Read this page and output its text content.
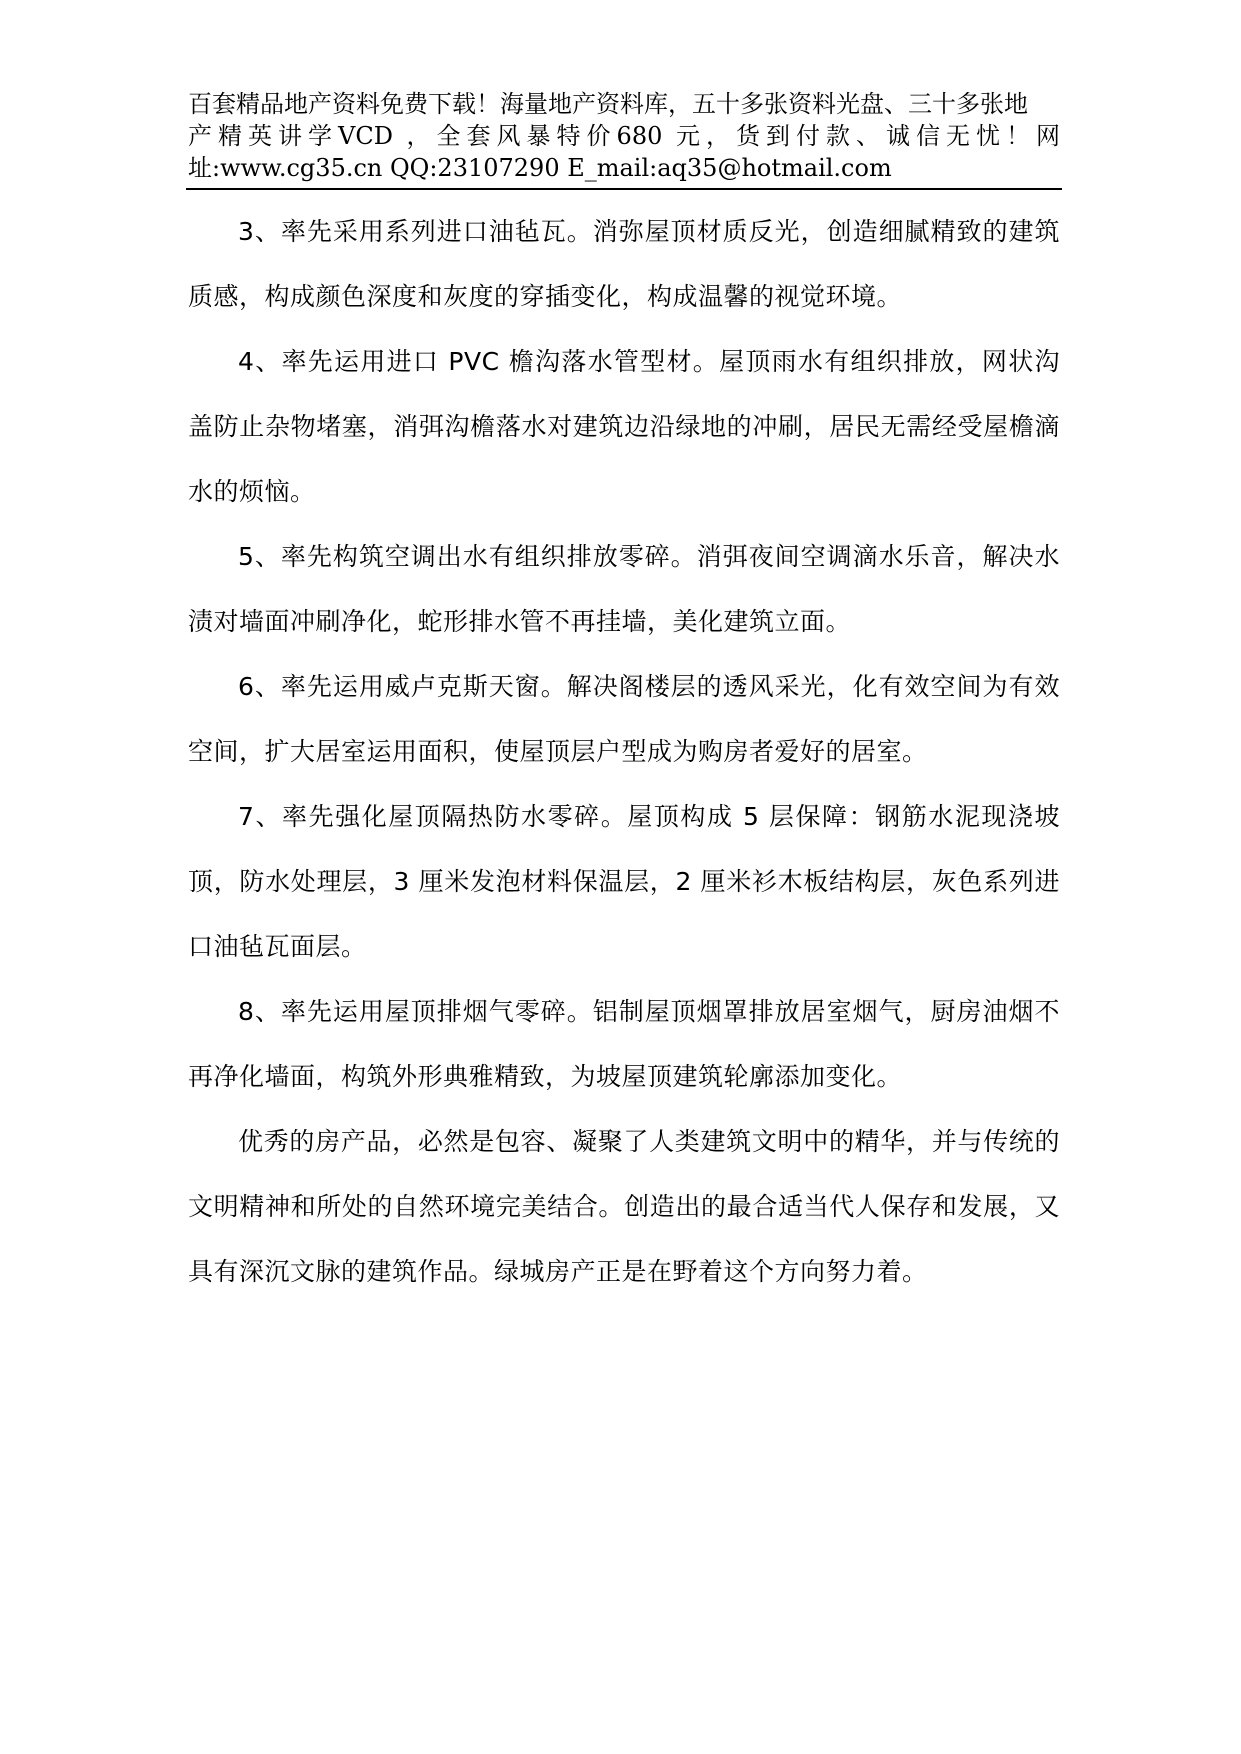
百套精品地产资料免费下载！海量地产资料库，五十多张资料光盘、三十多张地
产精英讲学VCD ，全套风暴特价680 元，货到付款、诚信无忧！网
址:www.cg35.cn QQ:23107290 E_mail:aq35@hotmail.com

3、率先采用系列进口油毡瓦。消弥屋顶材质反光，创造细腻精致的建筑质感，构成颜色深度和灰度的穿插变化，构成温馨的视觉环境。

4、率先运用进口 PVC 檐沟落水管型材。屋顶雨水有组织排放，网状沟盖防止杂物堵塞，消弭沟檐落水对建筑边沿绿地的冲刷，居民无需经受屋檐滴水的烦恼。

5、率先构筑空调出水有组织排放零碎。消弭夜间空调滴水乐音，解决水渍对墙面冲刷净化，蛇形排水管不再挂墙，美化建筑立面。

6、率先运用威卢克斯天窗。解决阁楼层的透风采光，化有效空间为有效空间，扩大居室运用面积，使屋顶层户型成为购房者爱好的居室。

7、率先强化屋顶隔热防水零碎。屋顶构成 5 层保障：钢筋水泥现浇坡顶，防水处理层，3 厘米发泡材料保温层，2 厘米衫木板结构层，灰色系列进口油毡瓦面层。

8、率先运用屋顶排烟气零碎。铝制屋顶烟罩排放居室烟气，厨房油烟不再净化墙面，构筑外形典雅精致，为坡屋顶建筑轮廓添加变化。

优秀的房产品，必然是包容、凝聚了人类建筑文明中的精华，并与传统的文明精神和所处的自然环境完美结合。创造出的最合适当代人保存和发展，又具有深沉文脉的建筑作品。绿城房产正是在野着这个方向努力着。
